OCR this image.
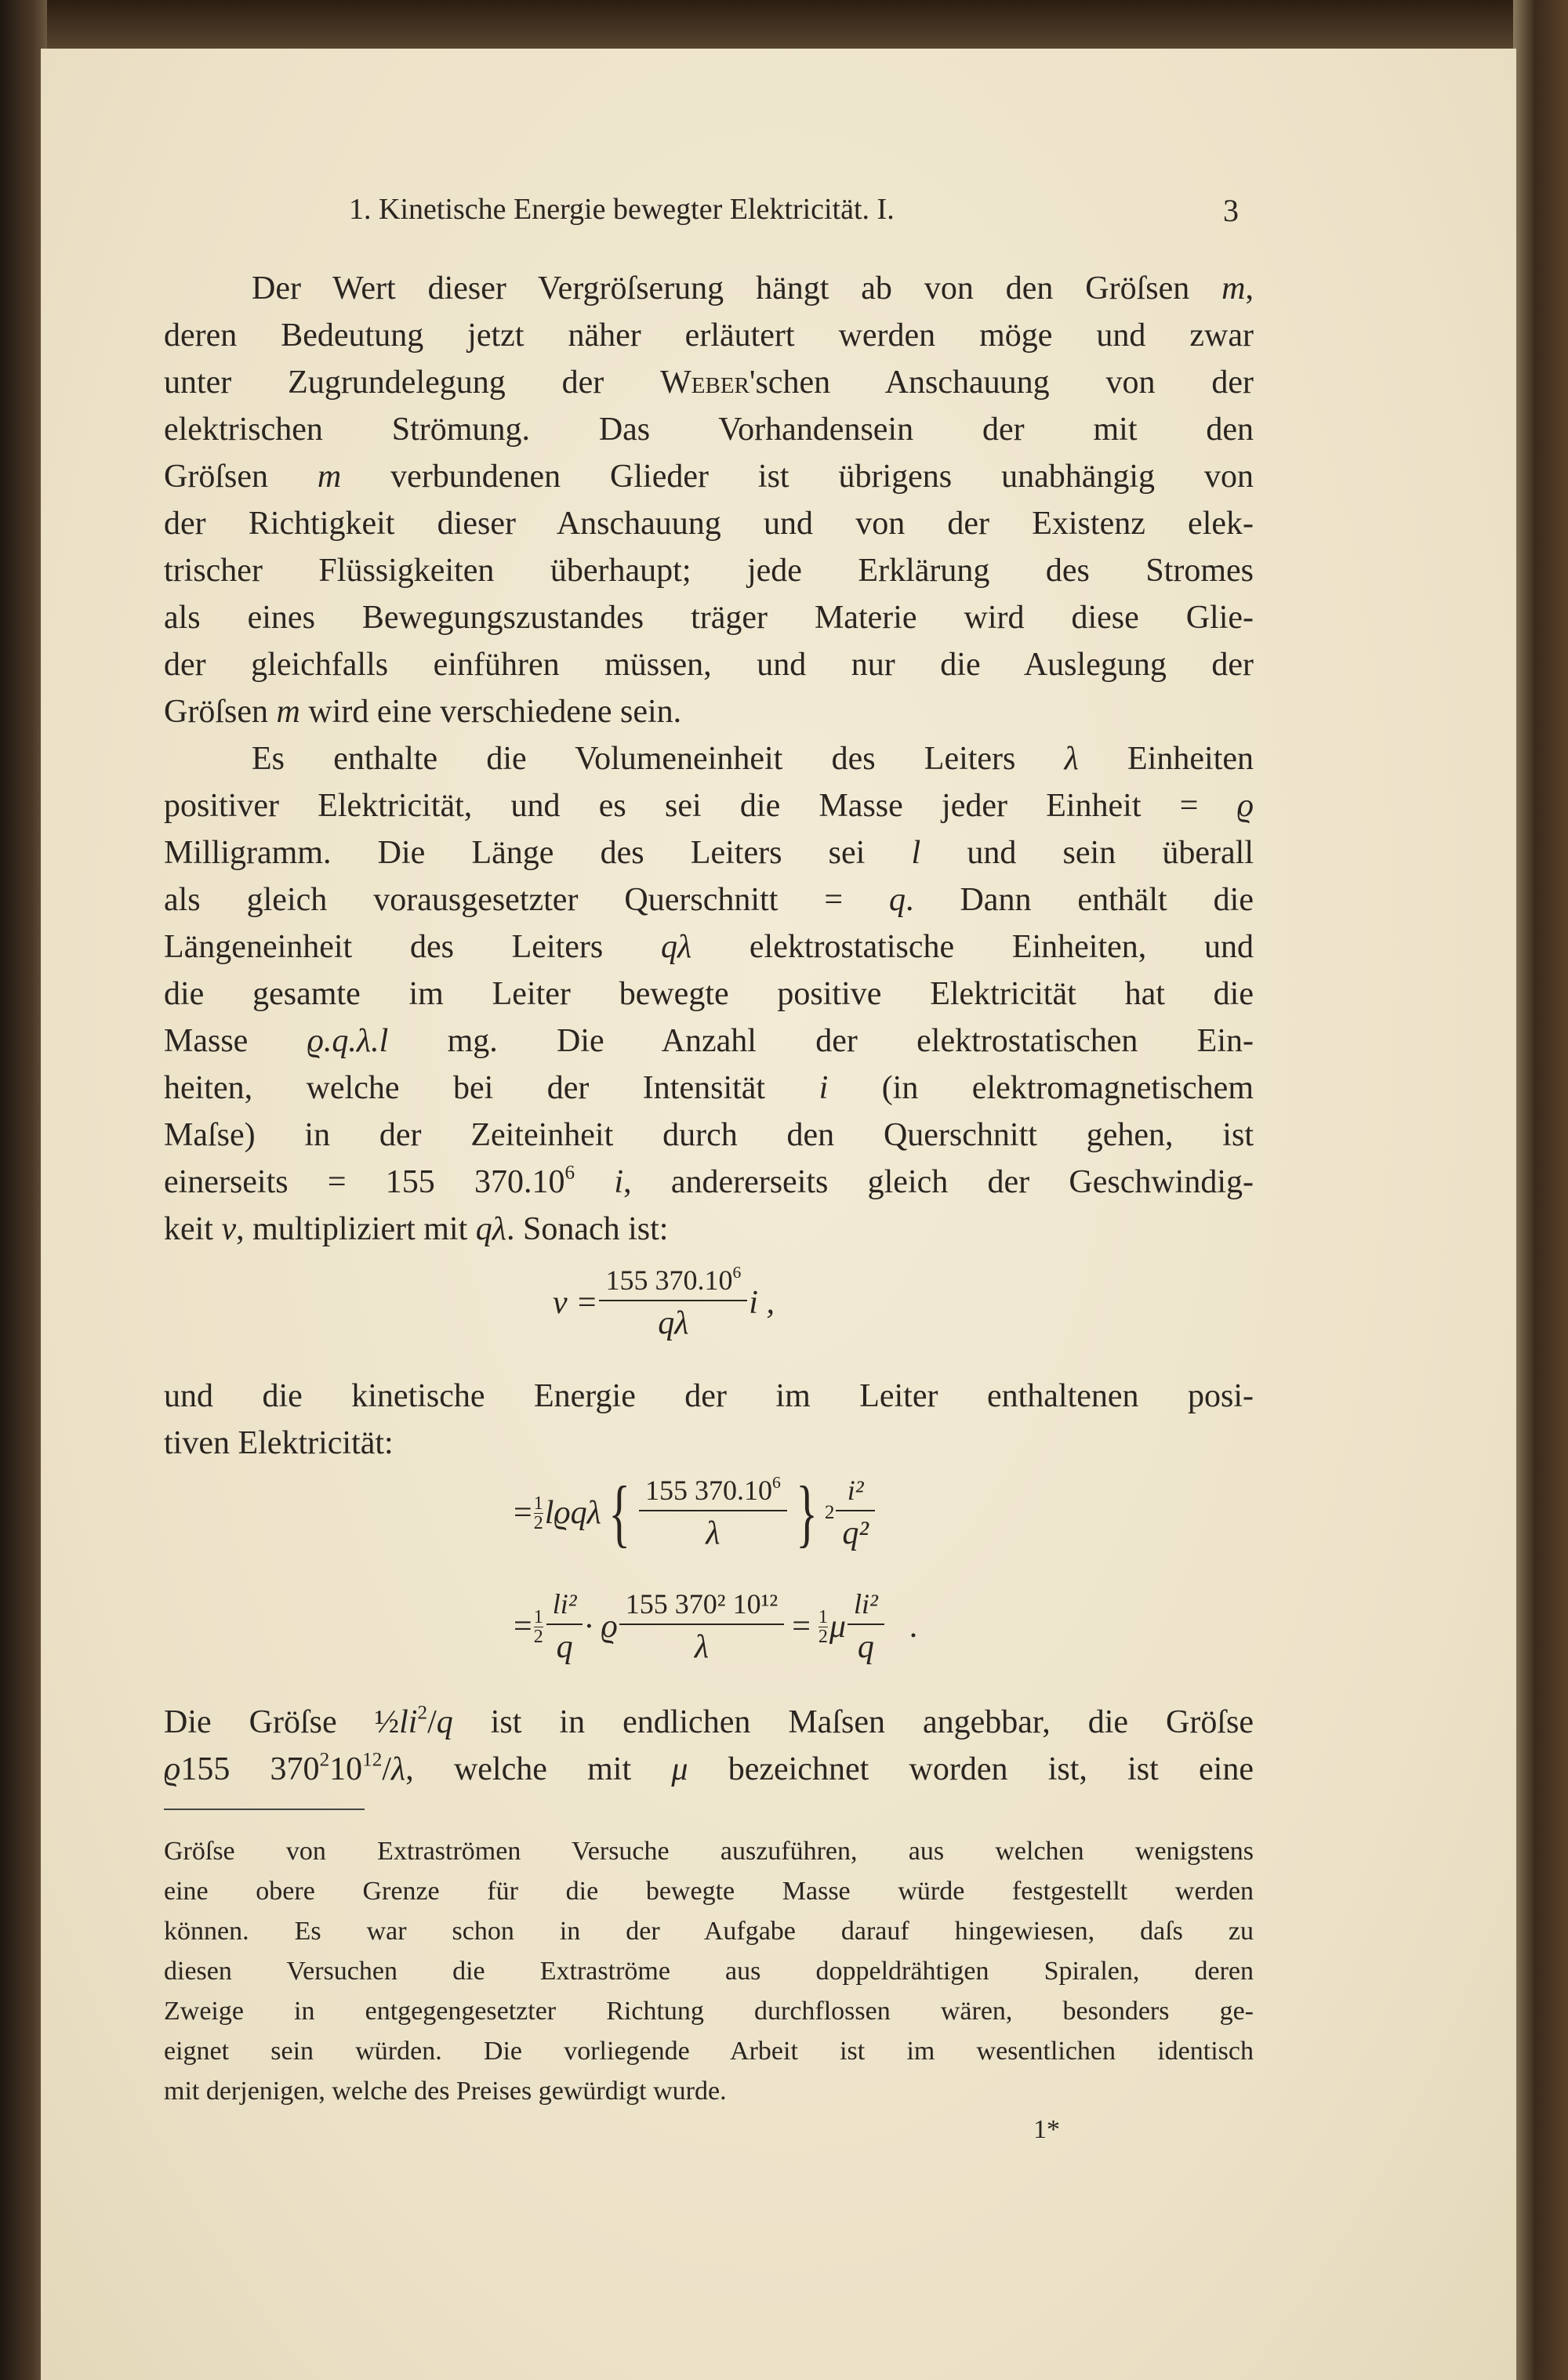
1. Kinetische Energie bewegter Elektricität. I.	3
Der Wert dieser Vergröſserung hängt ab von den Gröſsen m,
deren Bedeutung jetzt näher erläutert werden möge und zwar
unter Zugrundelegung der Weber'schen Anschauung von der
elektrischen Strömung. Das Vorhandensein der mit den
Gröſsen m verbundenen Glieder ist übrigens unabhängig von
der Richtigkeit dieser Anschauung und von der Existenz elek-
trischer Flüssigkeiten überhaupt; jede Erklärung des Stromes
als eines Bewegungszustandes träger Materie wird diese Glie-
der gleichfalls einführen müssen, und nur die Auslegung der
Gröſsen m wird eine verschiedene sein.
Es enthalte die Volumeneinheit des Leiters λ Einheiten
positiver Elektricität, und es sei die Masse jeder Einheit = ϱ
Milligramm. Die Länge des Leiters sei l und sein überall
als gleich vorausgesetzter Querschnitt = q. Dann enthält die
Längeneinheit des Leiters qλ elektrostatische Einheiten, und
die gesamte im Leiter bewegte positive Elektricität hat die
Masse ϱ.q.λ.l mg. Die Anzahl der elektrostatischen Ein-
heiten, welche bei der Intensität i (in elektromagnetischem
Maſse) in der Zeiteinheit durch den Querschnitt gehen, ist
einerseits = 155 370.10$^6$ i, andererseits gleich der Geschwindig-
keit v, multipliziert mit qλ. Sonach ist:
$v = \frac{155 370.10^6}{q\lambda}$ i ,
und die kinetische Energie der im Leiter enthaltenen posi-
tiven Elektricität:
= $\frac{1}{2}$ lϱqλ { $\frac{155 370.10^6}{\lambda}$ } $2 \frac{\text{i²}}{\text{q²}}$
= $\frac{1}{2} \frac{\text{li²}}{q} \cdot ϱ \frac{\text{155 370² 10¹²}}{\lambda} = \frac{1}{2}$ μ $\frac{\text{li²}}{q}$ .
Die Gröſse $\frac{1}{2}li^2/q$ ist in endlichen Maſsen angebbar, die Gröſse
ϱ155 $370^210^{12}/\lambda$, welche mit μ bezeichnet worden ist, ist eine
Gröſse von Extraströmen Versuche auszuführen, aus welchen wenigstens
eine obere Grenze für die bewegte Masse würde festgestellt werden
können. Es war schon in der Aufgabe darauf hingewiesen, daſs zu
diesen Versuchen die Extraströme aus doppeldrähtigen Spiralen, deren
Zweige in entgegengesetzter Richtung durchflossen wären, besonders ge-
eignet sein würden. Die vorliegende Arbeit ist im wesentlichen identisch
mit derjenigen, welche des Preises gewürdigt wurde.
1*
